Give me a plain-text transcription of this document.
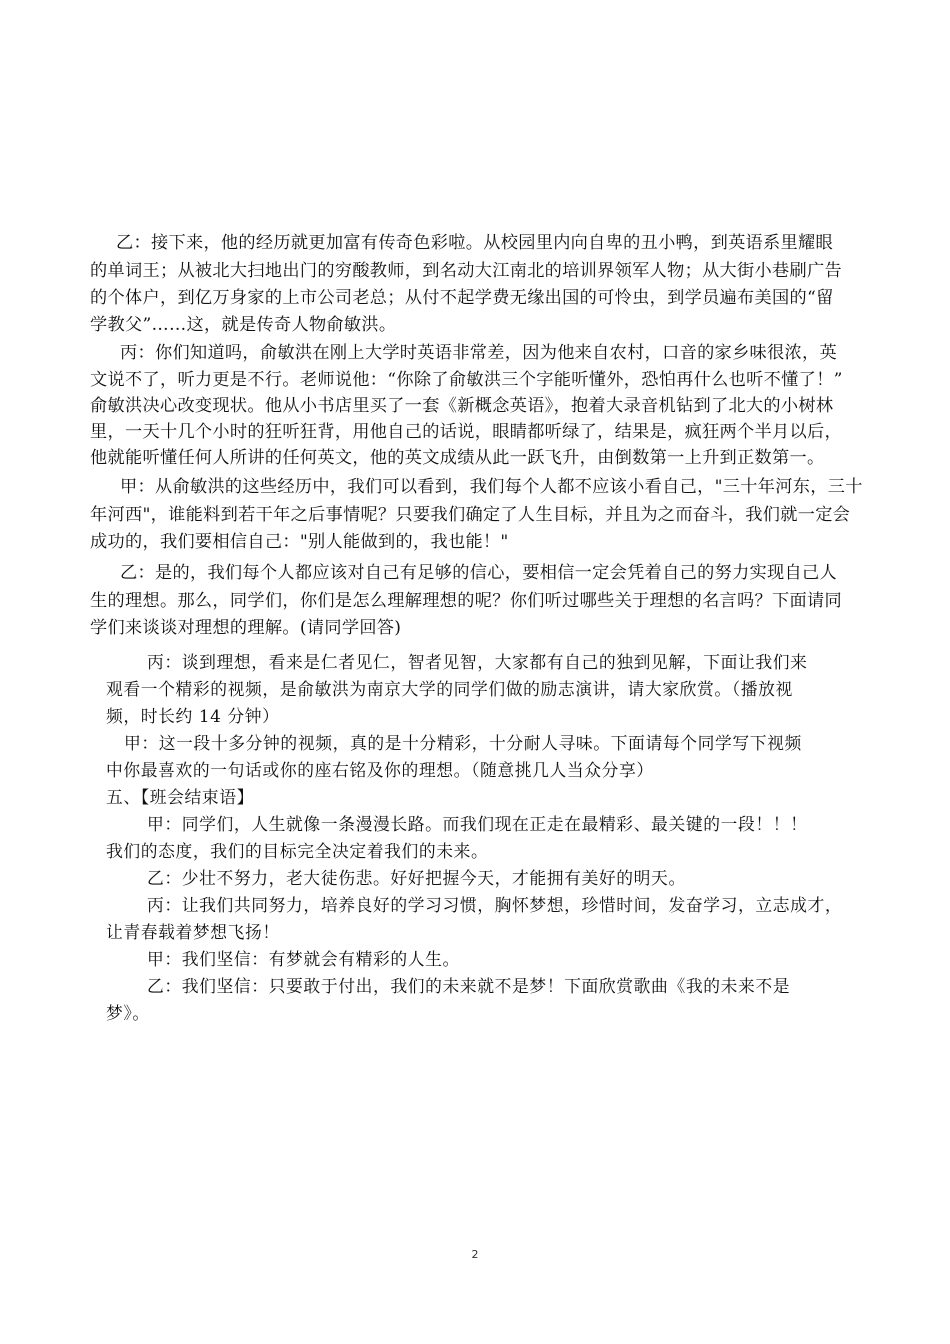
乙：接下来，他的经历就更加富有传奇色彩啦。从校园里内向自卑的丑小鸭，到英语系里耀眼
的单词王；从被北大扫地出门的穷酸教师，到名动大江南北的培训界领军人物；从大街小巷刷广告
的个体户，到亿万身家的上市公司老总；从付不起学费无缘出国的可怜虫，到学员遍布美国的“留
学教父”……这，就是传奇人物俞敏洪。
丙：你们知道吗，俞敏洪在刚上大学时英语非常差，因为他来自农村，口音的家乡味很浓，英
文说不了，听力更是不行。老师说他：“你除了俞敏洪三个字能听懂外，恐怕再什么也听不懂了！”
俞敏洪决心改变现状。他从小书店里买了一套《新概念英语》，抱着大录音机钻到了北大的小树林
里，一天十几个小时的狂听狂背，用他自己的话说，眼睛都听绿了，结果是，疯狂两个半月以后，
他就能听懂任何人所讲的任何英文，他的英文成绩从此一跃飞升，由倒数第一上升到正数第一。
甲：从俞敏洪的这些经历中，我们可以看到，我们每个人都不应该小看自己，"三十年河东，三十
年河西"，谁能料到若干年之后事情呢？只要我们确定了人生目标，并且为之而奋斗，我们就一定会
成功的，我们要相信自己："别人能做到的，我也能！"
乙：是的，我们每个人都应该对自己有足够的信心，要相信一定会凭着自己的努力实现自己人
生的理想。那么，同学们，你们是怎么理解理想的呢？你们听过哪些关于理想的名言吗？下面请同
学们来谈谈对理想的理解。(请同学回答)
丙：谈到理想，看来是仁者见仁，智者见智，大家都有自己的独到见解，下面让我们来
观看一个精彩的视频，是俞敏洪为南京大学的同学们做的励志演讲，请大家欣赏。（播放视
频，时长约 14 分钟）
甲：这一段十多分钟的视频，真的是十分精彩，十分耐人寻味。下面请每个同学写下视频
中你最喜欢的一句话或你的座右铭及你的理想。（随意挑几人当众分享）
五、【班会结束语】
甲：同学们，人生就像一条漫漫长路。而我们现在正走在最精彩、最关键的一段！！！
我们的态度，我们的目标完全决定着我们的未来。
乙：少壮不努力，老大徒伤悲。好好把握今天，才能拥有美好的明天。
丙：让我们共同努力，培养良好的学习习惯，胸怀梦想，珍惜时间，发奋学习，立志成才，
让青春载着梦想飞扬！
甲：我们坚信：有梦就会有精彩的人生。
乙：我们坚信：只要敢于付出，我们的未来就不是梦！下面欣赏歌曲《我的未来不是
梦》。
2
